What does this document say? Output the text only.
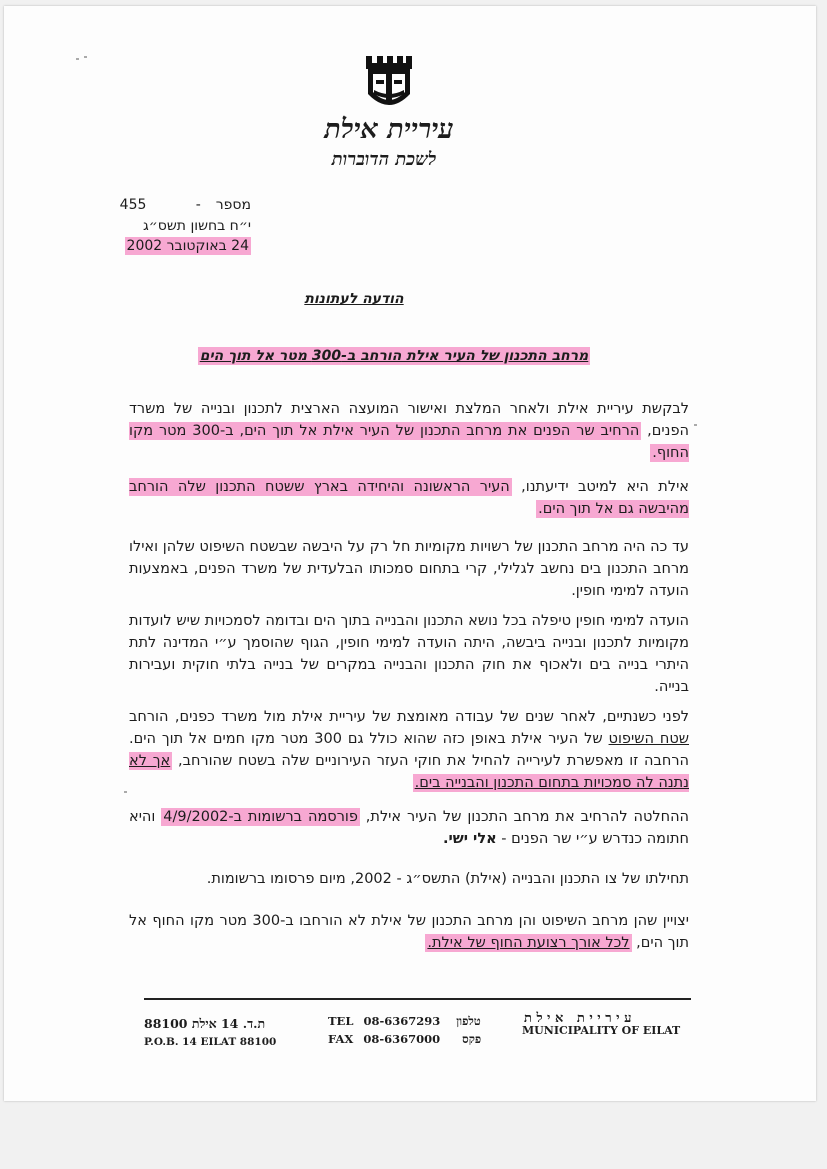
עיריית אילת
לשכת הדוברות
מספר -  455
י״ח בחשון תשס״ג
24 באוקטובר 2002
הודעה לעתונות
מרחב התכנון של העיר אילת הורחב ב-300 מטר אל תוך הים

לבקשת עיריית אילת ולאחר המלצת ואישור המועצה הארצית לתכנון ובנייה של משרד הפנים, הרחיב שר הפנים את מרחב התכנון של העיר אילת אל תוך הים, ב-300 מטר מקו החוף.

אילת היא למיטב ידיעתנו, העיר הראשונה והיחידה בארץ ששטח התכנון שלה הורחב מהיבשה גם אל תוך הים.

עד כה היה מרחב התכנון של רשויות מקומיות חל רק על היבשה שבשטח השיפוט שלהן ואילו מרחב התכנון בים נחשב לגלילי, קרי בתחום סמכותו הבלעדית של משרד הפנים, באמצעות הועדה למימי חופין.

הועדה למימי חופין טיפלה בכל נושא התכנון והבנייה בתוך הים ובדומה לסמכויות שיש לועדות מקומיות לתכנון ובנייה ביבשה, היתה הועדה למימי חופין, הגוף שהוסמך ע״י המדינה לתת היתרי בנייה בים ולאכוף את חוק התכנון והבנייה במקרים של בנייה בלתי חוקית ועבירות בנייה.

לפני כשנתיים, לאחר שנים של עבודה מאומצת של עיריית אילת מול משרד כפנים, הורחב שטח השיפוט של העיר אילת באופן כזה שהוא כולל גם 300 מטר מקו חמים אל תוך הים. הרחבה זו מאפשרת לעירייה להחיל את חוקי העזר העירוניים שלה בשטח שהורחב, אך לא נתנה לה סמכויות בתחום התכנון והבנייה בים.

ההחלטה להרחיב את מרחב התכנון של העיר אילת, פורסמה ברשומות ב-4/9/2002 והיא חתומה כנדרש ע״י שר הפנים - אלי ישי.

תחילתו של צו התכנון והבנייה (אילת) התשס״ג - 2002, מיום פרסומו ברשומות.

יצויין שהן מרחב השיפוט והן מרחב התכנון של אילת לא הורחבו ב-300 מטר מקו החוף אל תוך הים, לכל אורך רצועת החוף של אילת.

ת.ד. 14 אילת 88100
P.O.B. 14 EILAT 88100
TEL 08-6367293 טלפון
FAX 08-6367000 פקס
ע י ר י י ת   א י ל ת
MUNICIPALITY OF EILAT
